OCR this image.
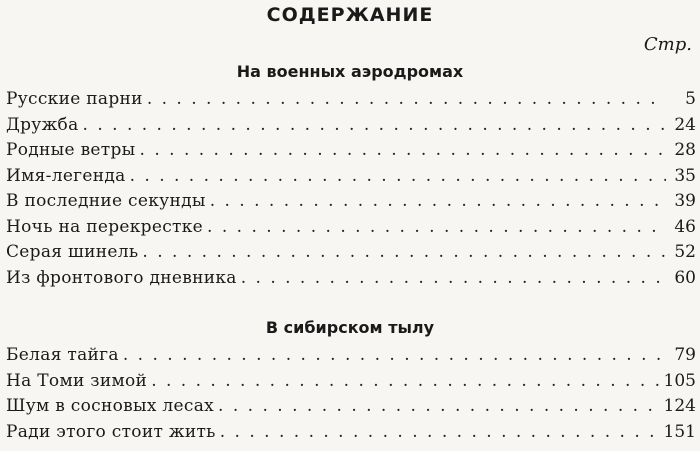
СОДЕРЖАНИЕ
Стр.
На военных аэродромах
Русские парни . . .	5
Дружба . . .	24
Родные ветры . . .	28
Имя-легенда . . .	35
В последние секунды . . .	39
Ночь на перекрестке . . .	46
Серая шинель . . .	52
Из фронтового дневника . . .	60
В сибирском тылу
Белая тайга . . .	79
На Томи зимой . . .	105
Шум в сосновых лесах . . .	124
Ради этого стоит жить . . .	151
